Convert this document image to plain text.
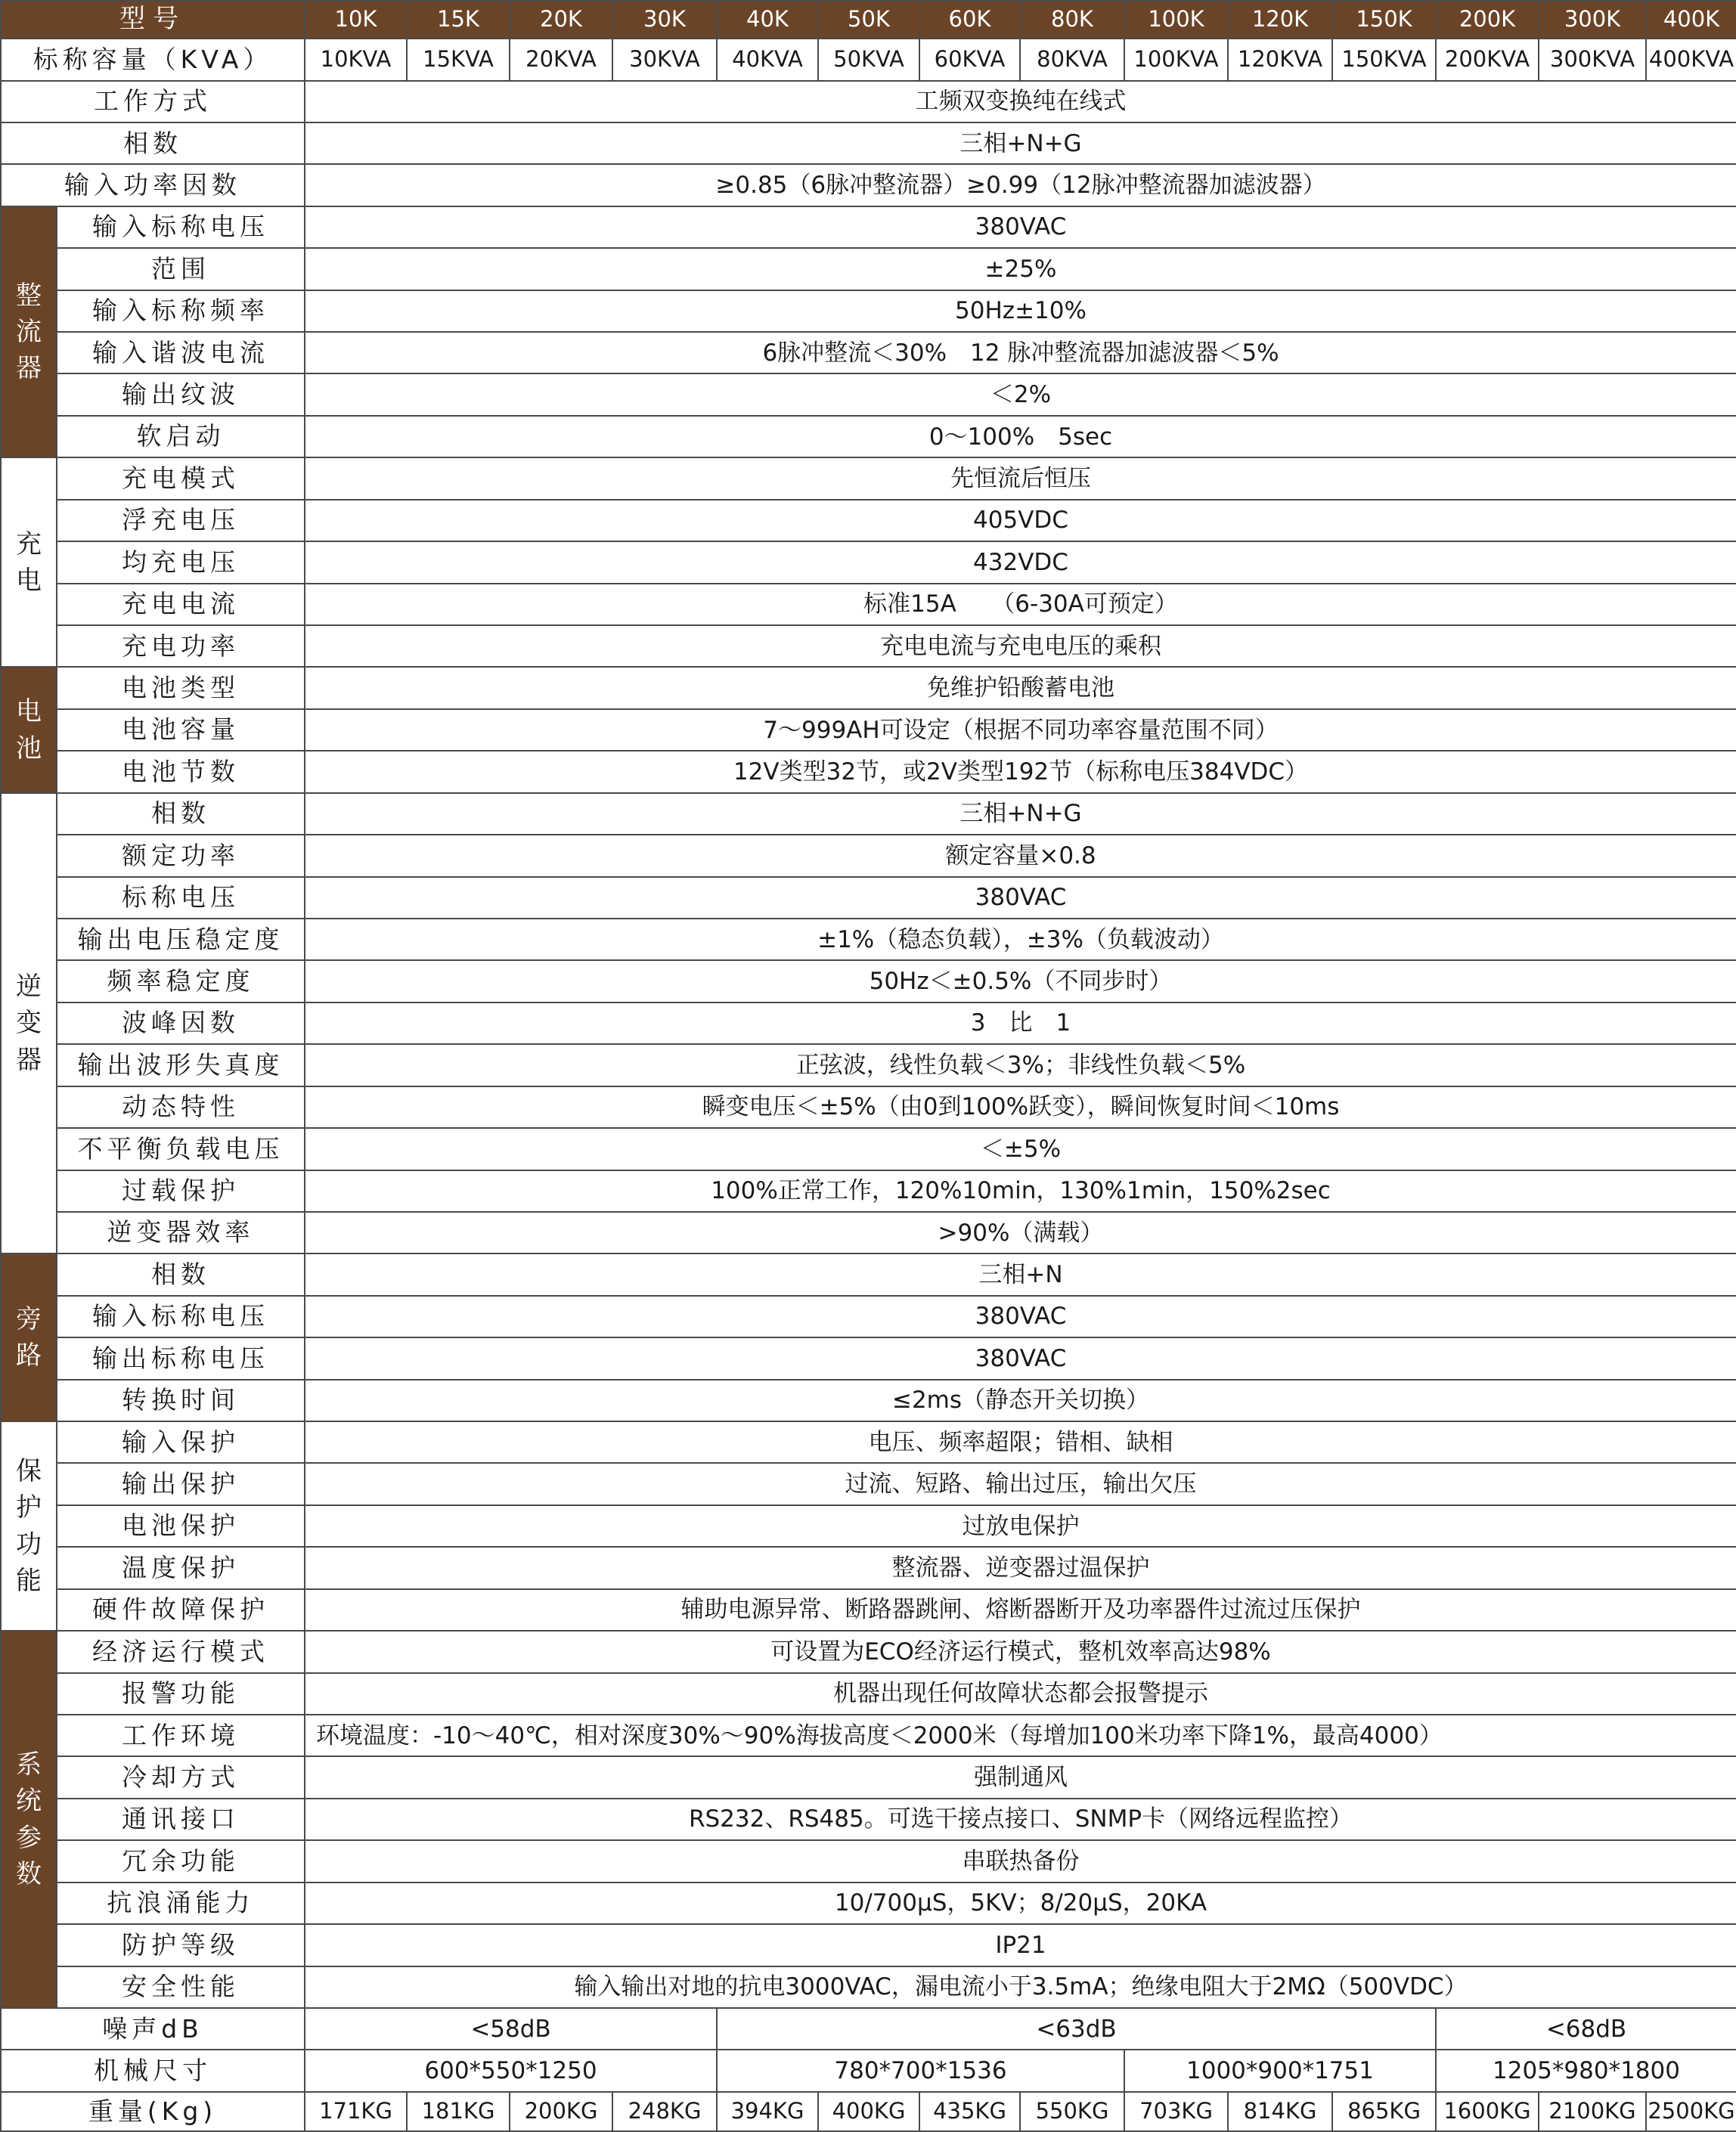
型号		10K	15K	20K	30K	40K	50K	60K	80K	100K	120K	150K	200K	300K	400K
标称容量（KVA）		10KVA	15KVA	20KVA	30KVA	40KVA	50KVA	60KVA	80KVA	100KVA	120KVA	150KVA	200KVA	300KVA	400KVA
工作方式		工频双变换纯在线式													
相数		三相+N+G													
输入功率因数		≥0.85（6脉冲整流器）≥0.99（12脉冲整流器加滤波器）													
整流器	输入标称电压	380VAC													
	范围	±25%													
	输入标称频率	50Hz±10%													
	输入谐波电流	6脉冲整流＜30%　12 脉冲整流器加滤波器＜5%													
	输出纹波	＜2%													
	软启动	0～100%　5sec													
充电	充电模式	先恒流后恒压													
	浮充电压	405VDC													
	均充电压	432VDC													
	充电电流	标准15A　　（6-30A可预定）													
	充电功率	充电电流与充电电压的乘积													
电池	电池类型	免维护铅酸蓄电池													
	电池容量	7～999AH可设定（根据不同功率容量范围不同）													
	电池节数	12V类型32节，或2V类型192节（标称电压384VDC）													
逆变器	相数	三相+N+G													
	额定功率	额定容量×0.8													
	标称电压	380VAC													
	输出电压稳定度	±1%（稳态负载），±3%（负载波动）													
	频率稳定度	50Hz＜±0.5%（不同步时）													
	波峰因数	3　比　1													
	输出波形失真度	正弦波，线性负载＜3%；非线性负载＜5%													
	动态特性	瞬变电压＜±5%（由0到100%跃变），瞬间恢复时间＜10ms													
	不平衡负载电压	＜±5%													
	过载保护	100%正常工作，120%10min，130%1min，150%2sec													
	逆变器效率	>90%（满载）													
旁路	相数	三相+N													
	输入标称电压	380VAC													
	输出标称电压	380VAC													
	转换时间	≤2ms（静态开关切换）													
保护功能	输入保护	电压、频率超限；错相、缺相													
	输出保护	过流、短路、输出过压，输出欠压													
	电池保护	过放电保护													
	温度保护	整流器、逆变器过温保护													
	硬件故障保护	辅助电源异常、断路器跳闸、熔断器断开及功率器件过流过压保护													
系统参数	经济运行模式	可设置为ECO经济运行模式，整机效率高达98%													
	报警功能	机器出现任何故障状态都会报警提示													
	工作环境	环境温度：-10～40℃，相对深度30%～90%海拔高度＜2000米（每增加100米功率下降1%，最高4000）													
	冷却方式	强制通风													
	通讯接口	RS232、RS485。可选干接点接口、SNMP卡（网络远程监控）													
	冗余功能	串联热备份													
	抗浪涌能力	10/700μS，5KV；8/20μS，20KA													
	防护等级	IP21													
	安全性能	输入输出对地的抗电3000VAC，漏电流小于3.5mA；绝缘电阻大于2MΩ（500VDC）													
噪声dB		<58dB				<63dB							<68dB		
机械尺寸		600*550*1250				780*700*1536				1000*900*1751			1205*980*1800		
重量(Kg)		171KG	181KG	200KG	248KG	394KG	400KG	435KG	550KG	703KG	814KG	865KG	1600KG	2100KG	2500KG
